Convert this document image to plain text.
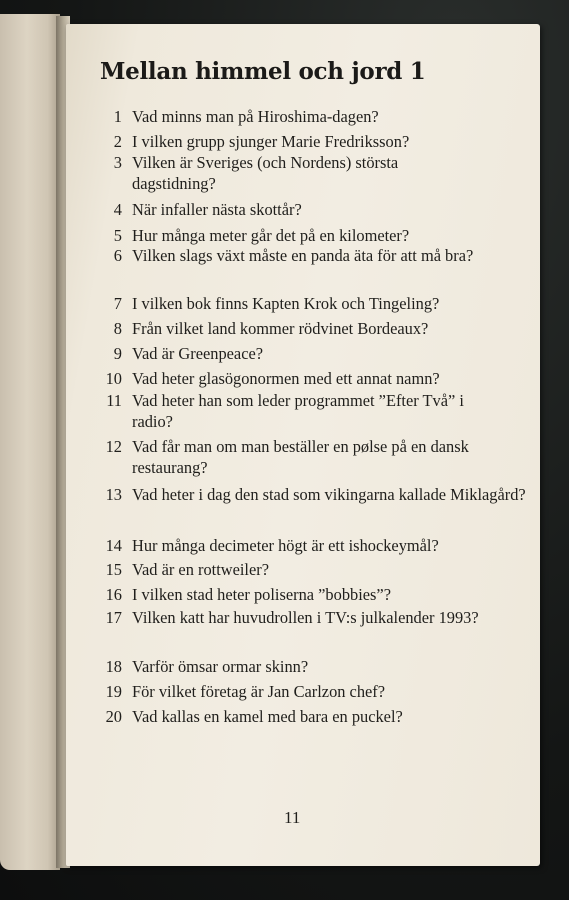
Mellan himmel och jord 1
1 Vad minns man på Hiroshima-dagen?
2 I vilken grupp sjunger Marie Fredriksson?
3 Vilken är Sveriges (och Nordens) största dagstidning?
4 När infaller nästa skottår?
5 Hur många meter går det på en kilometer?
6 Vilken slags växt måste en panda äta för att må bra?
7 I vilken bok finns Kapten Krok och Tingeling?
8 Från vilket land kommer rödvinet Bordeaux?
9 Vad är Greenpeace?
10 Vad heter glasögonormen med ett annat namn?
11 Vad heter han som leder programmet ”Efter Två” i radio?
12 Vad får man om man beställer en pølse på en dansk restaurang?
13 Vad heter i dag den stad som vikingarna kallade Miklagård?
14 Hur många decimeter högt är ett ishockeymål?
15 Vad är en rottweiler?
16 I vilken stad heter poliserna ”bobbies”?
17 Vilken katt har huvudrollen i TV:s julkalender 1993?
18 Varför ömsar ormar skinn?
19 För vilket företag är Jan Carlzon chef?
20 Vad kallas en kamel med bara en puckel?
11
